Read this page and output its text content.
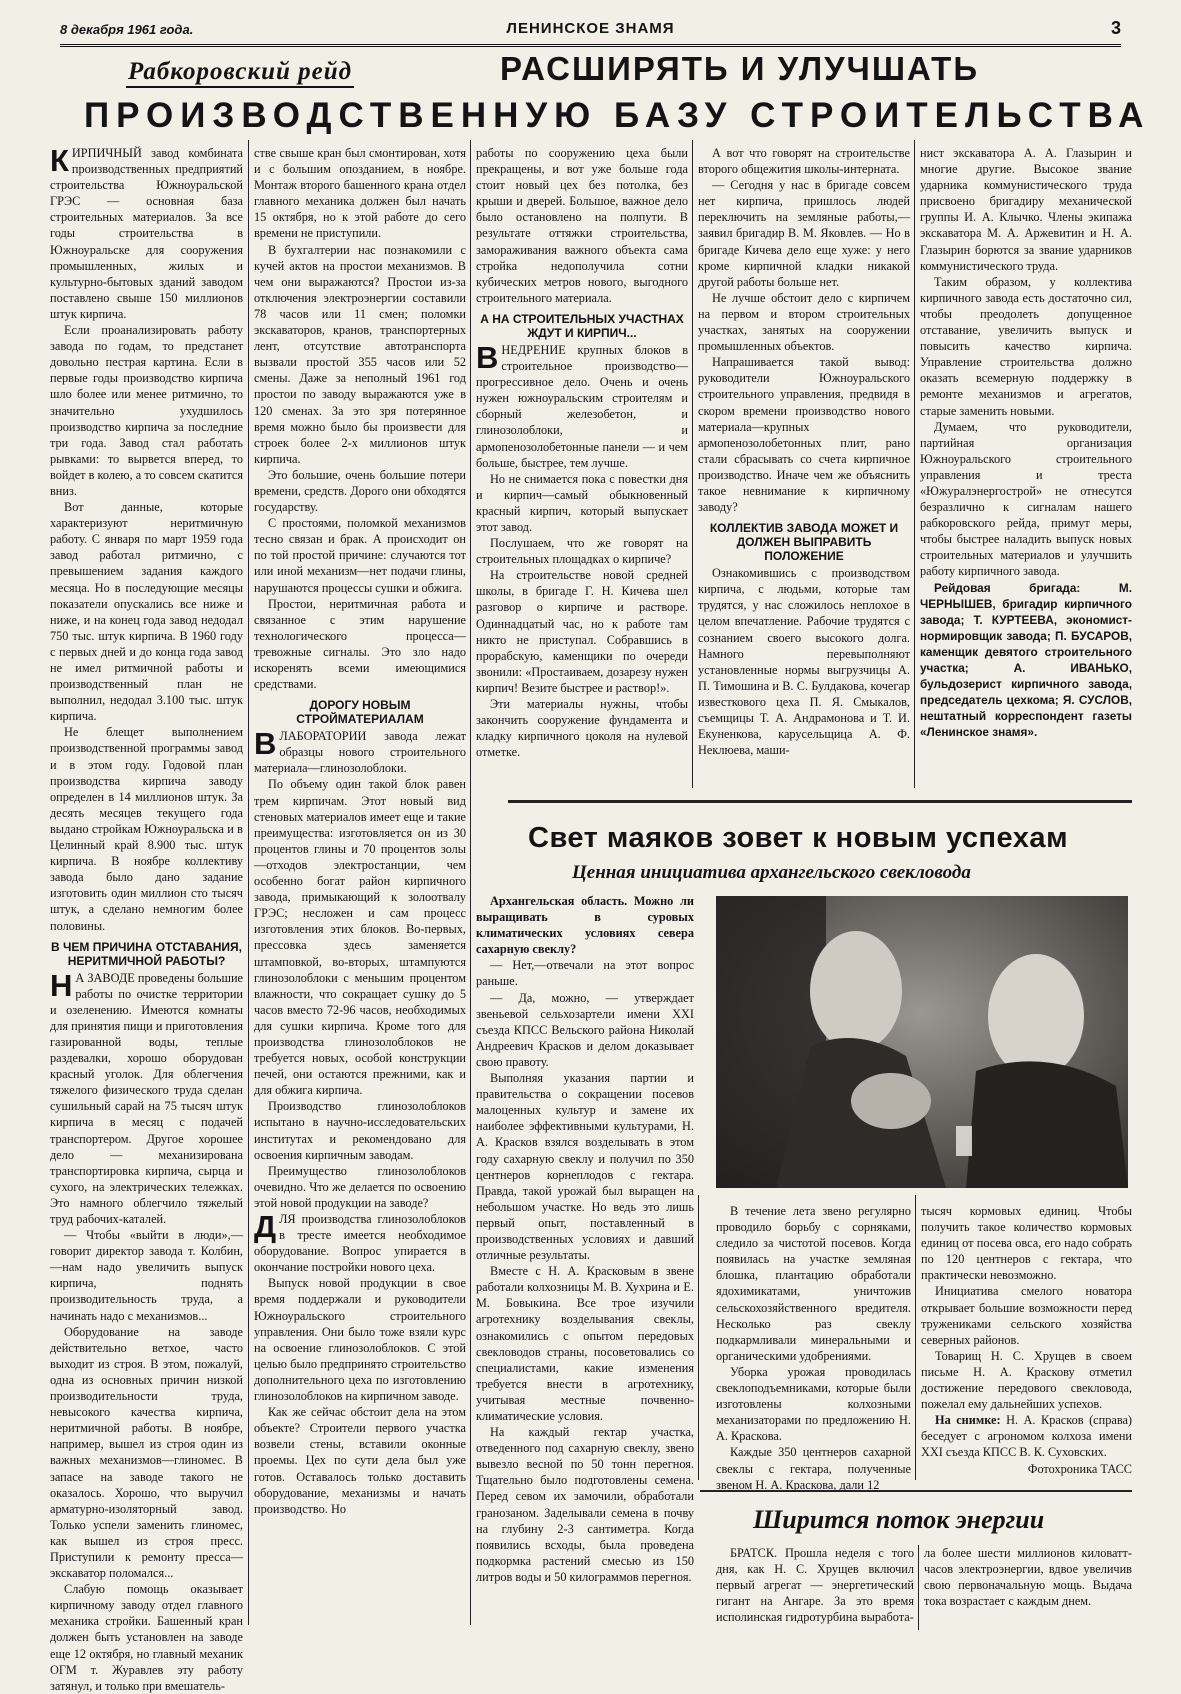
8 декабря 1961 года.	ЛЕНИНСКОЕ ЗНАМЯ	3
Рабкоровский рейд	РАСШИРЯТЬ И УЛУЧШАТЬ
ПРОИЗВОДСТВЕННУЮ БАЗУ СТРОИТЕЛЬСТВА

КИРПИЧНЫЙ завод комбината производственных предприятий строительства Южноуральской ГРЭС — основная база строительных материалов. За все годы строительства в Южноуральске для сооружения промышленных, жилых и культурно-бытовых зданий заводом поставлено свыше 150 миллионов штук кирпича.

Если проанализировать работу завода по годам, то предстанет довольно пестрая картина. Если в первые годы производство кирпича шло более или менее ритмично, то значительно ухудшилось производство кирпича за последние три года. Завод стал работать рывками: то вырвется вперед, то войдет в колею, а то совсем скатится вниз.

Вот данные, которые характеризуют неритмичную работу. С января по март 1959 года завод работал ритмично, с превышением задания каждого месяца. Но в последующие месяцы показатели опускались все ниже и ниже, и на конец года завод недодал 750 тыс. штук кирпича. В 1960 году с первых дней и до конца года завод не имел ритмичной работы и производственный план не выполнил, недодал 3.100 тыс. штук кирпича.

Не блещет выполнением производственной программы завод и в этом году. Годовой план производства кирпича заводу определен в 14 миллионов штук. За десять месяцев текущего года выдано стройкам Южноуральска и в Целинный край 8.900 тыс. штук кирпича. В ноябре коллективу завода было дано задание изготовить один миллион сто тысяч штук, а сделано немногим более половины.

В ЧЕМ ПРИЧИНА ОТСТАВАНИЯ, НЕРИТМИЧНОЙ РАБОТЫ?

Н А ЗАВОДЕ проведены большие работы по очистке территории и озеленению. Имеются комнаты для принятия пищи и приготовления газированной воды, теплые раздевалки, хорошо оборудован красный уголок. Для облегчения тяжелого физического труда сделан сушильный сарай на 75 тысяч штук кирпича в месяц с подачей транспортером. Другое хорошее дело — механизирована транспортировка кирпича, сырца и сухого, на электрических тележках. Это намного облегчило тяжелый труд рабочих-каталей.

— Чтобы «выйти в люди»,— говорит директор завода т. Колбин,—нам надо увеличить выпуск кирпича, поднять производительность труда, а начинать надо с механизмов...

Оборудование на заводе действительно ветхое, часто выходит из строя. В этом, пожалуй, одна из основных причин низкой производительности труда, невысокого качества кирпича, неритмичной работы. В ноябре, например, вышел из строя один из важных механизмов—глиномес. В запасе на заводе такого не оказалось. Хорошо, что выручил арматурно-изоляторный завод. Только успели заменить глиномес, как вышел из строя пресс. Приступили к ремонту пресса—экскаватор поломался...

Слабую помощь оказывает кирпичному заводу отдел главного механика стройки. Башенный кран должен быть установлен на заводе еще 12 октября, но главный механик ОГМ т. Журавлев эту работу затянул, и только при вмешатель-

стве свыше кран был смонтирован, хотя и с большим опозданием, в ноябре. Монтаж второго башенного крана отдел главного механика должен был начать 15 октября, но к этой работе до сего времени не приступили.

В бухгалтерии нас познакомили с кучей актов на простои механизмов. В чем они выражаются? Простои из-за отключения электроэнергии составили 78 часов или 11 смен; поломки экскаваторов, кранов, транспортерных лент, отсутствие автотранспорта вызвали простой 355 часов или 52 смены. Даже за неполный 1961 год простои по заводу выражаются уже в 120 сменах. За это зря потерянное время можно было бы произвести для строек более 2-х миллионов штук кирпича.

Это большие, очень большие потери времени, средств. Дорого они обходятся государству.

С простоями, поломкой механизмов тесно связан и брак. А происходит он по той простой причине: случаются тот или иной механизм—нет подачи глины, нарушаются процессы сушки и обжига.

Простои, неритмичная работа и связанное с этим нарушение технологического процесса—тревожные сигналы. Это зло надо искоренять всеми имеющимися средствами.

ДОРОГУ НОВЫМ СТРОЙМАТЕРИАЛАМ

ВЛАБОРАТОРИИ завода лежат образцы нового строительного материала—глинозолоблоки.

По объему один такой блок равен трем кирпичам. Этот новый вид стеновых материалов имеет еще и такие преимущества: изготовляется он из 30 процентов глины и 70 процентов золы—отходов электростанции, чем особенно богат район кирпичного завода, примыкающий к золоотвалу ГРЭС; несложен и сам процесс изготовления этих блоков. Во-первых, прессовка здесь заменяется штамповкой, во-вторых, штампуются глинозолоблоки с меньшим процентом влажности, что сокращает сушку до 5 часов вместо 72-96 часов, необходимых для сушки кирпича. Кроме того для производства глинозолоблоков не требуется новых, особой конструкции печей, они остаются прежними, как и для обжига кирпича.

Производство глинозолоблоков испытано в научно-исследовательских институтах и рекомендовано для освоения кирпичным заводам.

Преимущество глинозолоблоков очевидно. Что же делается по освоению этой новой продукции на заводе?

ДЛЯ производства глинозолоблоков в тресте имеется необходимое оборудование. Вопрос упирается в окончание постройки нового цеха.

Выпуск новой продукции в свое время поддержали и руководители Южноуральского строительного управления. Они было тоже взяли курс на освоение глинозолоблоков. С этой целью было предпринято строительство дополнительного цеха по изготовлению глинозолоблоков на кирпичном заводе.

Как же сейчас обстоит дела на этом объекте? Строители первого участка возвели стены, вставили оконные проемы. Цех по сути дела был уже готов. Оставалось только доставить оборудование, механизмы и начать производство. Но

работы по сооружению цеха были прекращены, и вот уже больше года стоит новый цех без потолка, без крыши и дверей. Большое, важное дело было остановлено на полпути. В результате оттяжки строительства, замораживания важного объекта сама стройка недополучила сотни кубических метров нового, выгодного строительного материала.

А НА СТРОИТЕЛЬНЫХ УЧАСТНАХ ЖДУТ И КИРПИЧ...

ВНЕДРЕНИЕ крупных блоков в строительное производство—прогрессивное дело. Очень и очень нужен южноуральским строителям и сборный железобетон, и глинозолоблоки, и армопенозолобетонные панели — и чем больше, быстрее, тем лучше.

Но не снимается пока с повестки дня и кирпич—самый обыкновенный красный кирпич, который выпускает этот завод.

Послушаем, что же говорят на строительных площадках о кирпиче?

На строительстве новой средней школы, в бригаде Г. Н. Кичева шел разговор о кирпиче и растворе. Одиннадцатый час, но к работе там никто не приступал. Собравшись в прорабскую, каменщики по очереди звонили: «Простаиваем, дозарезу нужен кирпич! Везите быстрее и раствор!».

Эти материалы нужны, чтобы закончить сооружение фундамента и кладку кирпичного цоколя на нулевой отметке.

А вот что говорят на строительстве второго общежития школы-интерната.

— Сегодня у нас в бригаде совсем нет кирпича, пришлось людей переключить на земляные работы,—заявил бригадир В. М. Яковлев. — Но в бригаде Кичева дело еще хуже: у него кроме кирпичной кладки никакой другой работы больше нет.

Не лучше обстоит дело с кирпичем на первом и втором строительных участках, занятых на сооружении промышленных объектов.

Напрашивается такой вывод: руководители Южноуральского строительного управления, предвидя в скором времени производство нового материала—крупных армопенозолобетонных плит, рано стали сбрасывать со счета кирпичное производство. Иначе чем же объяснить такое невнимание к кирпичному заводу?

КОЛЛЕКТИВ ЗАВОДА МОЖЕТ И ДОЛЖЕН ВЫПРАВИТЬ ПОЛОЖЕНИЕ

Ознакомившись с производством кирпича, с людьми, которые там трудятся, у нас сложилось неплохое в целом впечатление. Рабочие трудятся с сознанием своего высокого долга. Намного перевыполняют установленные нормы выгрузчицы А. П. Тимошина и В. С. Булдакова, кочегар известкового цеха П. Я. Смыкалов, съемщицы Т. А. Андрамонова и Т. И. Екуненкова, карусельщица А. Ф. Неклюева, маши-

нист экскаватора А. А. Глазырин и многие другие. Высокое звание ударника коммунистического труда присвоено бригадиру механической группы И. А. Клычко. Члены экипажа экскаватора М. А. Аржевитин и Н. А. Глазырин борются за звание ударников коммунистического труда.

Таким образом, у коллектива кирпичного завода есть достаточно сил, чтобы преодолеть допущенное отставание, увеличить выпуск и повысить качество кирпича. Управление строительства должно оказать всемерную поддержку в ремонте механизмов и агрегатов, старые заменить новыми.

Думаем, что руководители, партийная организация Южноуральского строительного управления и треста «Южуралэнергострой» не отнесутся безразлично к сигналам нашего рабкоровского рейда, примут меры, чтобы быстрее наладить выпуск новых строительных материалов и улучшить работу кирпичного завода.

Рейдовая бригада: М. ЧЕРНЫШЕВ, бригадир кирпичного завода; Т. КУРТЕЕВА, экономист-нормировщик завода; П. БУСАРОВ, каменщик девятого строительного участка; А. ИВАНЬКО, бульдозерист кирпичного завода, председатель цехкома; Я. СУСЛОВ, нештатный корреспондент газеты «Ленинское знамя».

Свет маяков зовет к новым успехам
Ценная инициатива архангельского свекловода

Архангельская область. Можно ли выращивать в суровых климатических условиях севера сахарную свеклу?

— Нет,—отвечали на этот вопрос раньше.

— Да, можно, — утверждает звеньевой сельхозартели имени XXI съезда КПСС Вельского района Николай Андреевич Красков и делом доказывает свою правоту.

Выполняя указания партии и правительства о сокращении посевов малоценных культур и замене их наиболее эффективными культурами, Н. А. Красков взялся возделывать в этом году сахарную свеклу и получил по 350 центнеров корнеплодов с гектара. Правда, такой урожай был выращен на небольшом участке. Но ведь это лишь первый опыт, поставленный в производственных условиях и давший отличные результаты.

Вместе с Н. А. Красковым в звене работали колхозницы М. В. Хухрина и Е. М. Бовыкина. Все трое изучили агротехнику возделывания свеклы, ознакомились с опытом передовых свекловодов страны, посоветовались со специалистами, какие изменения требуется внести в агротехнику, учитывая местные почвенно-климатические условия.

На каждый гектар участка, отведенного под сахарную свеклу, звено вывезло весной по 50 тонн перегноя. Тщательно было подготовлены семена. Перед севом их замочили, обработали гранозаном. Заделывали семена в почву на глубину 2-3 сантиметра. Когда появились всходы, была проведена подкормка растений смесью из 150 литров воды и 50 килограммов перегноя.

В течение лета звено регулярно проводило борьбу с сорняками, следило за чистотой посевов. Когда появилась на участке земляная блошка, плантацию обработали ядохимикатами, уничтожив сельскохозяйственного вредителя. Несколько раз свеклу подкармливали минеральными и органическими удобрениями.

Уборка урожая проводилась свеклоподъемниками, которые были изготовлены колхозными механизаторами по предложению Н. А. Краскова.

Каждые 350 центнеров сахарной свеклы с гектара, полученные звеном Н. А. Краскова, дали 12

тысяч кормовых единиц. Чтобы получить такое количество кормовых единиц от посева овса, его надо собрать по 120 центнеров с гектара, что практически невозможно.

Инициатива смелого новатора открывает большие возможности перед тружениками сельского хозяйства северных районов.

Товарищ Н. С. Хрущев в своем письме Н. А. Краскову отметил достижение передового свекловода, пожелал ему дальнейших успехов.

На снимке: Н. А. Красков (справа) беседует с агрономом колхоза имени XXI съезда КПСС В. К. Суховских.

Фотохроника ТАСС

Ширится поток энергии

БРАТСК. Прошла неделя с того дня, как Н. С. Хрущев включил первый агрегат — энергетический гигант на Ангаре. За это время исполинская гидротурбина выработа-

ла более шести миллионов киловатт-часов электроэнергии, вдвое увеличив свою первоначальную мощь. Выдача тока возрастает с каждым днем.
